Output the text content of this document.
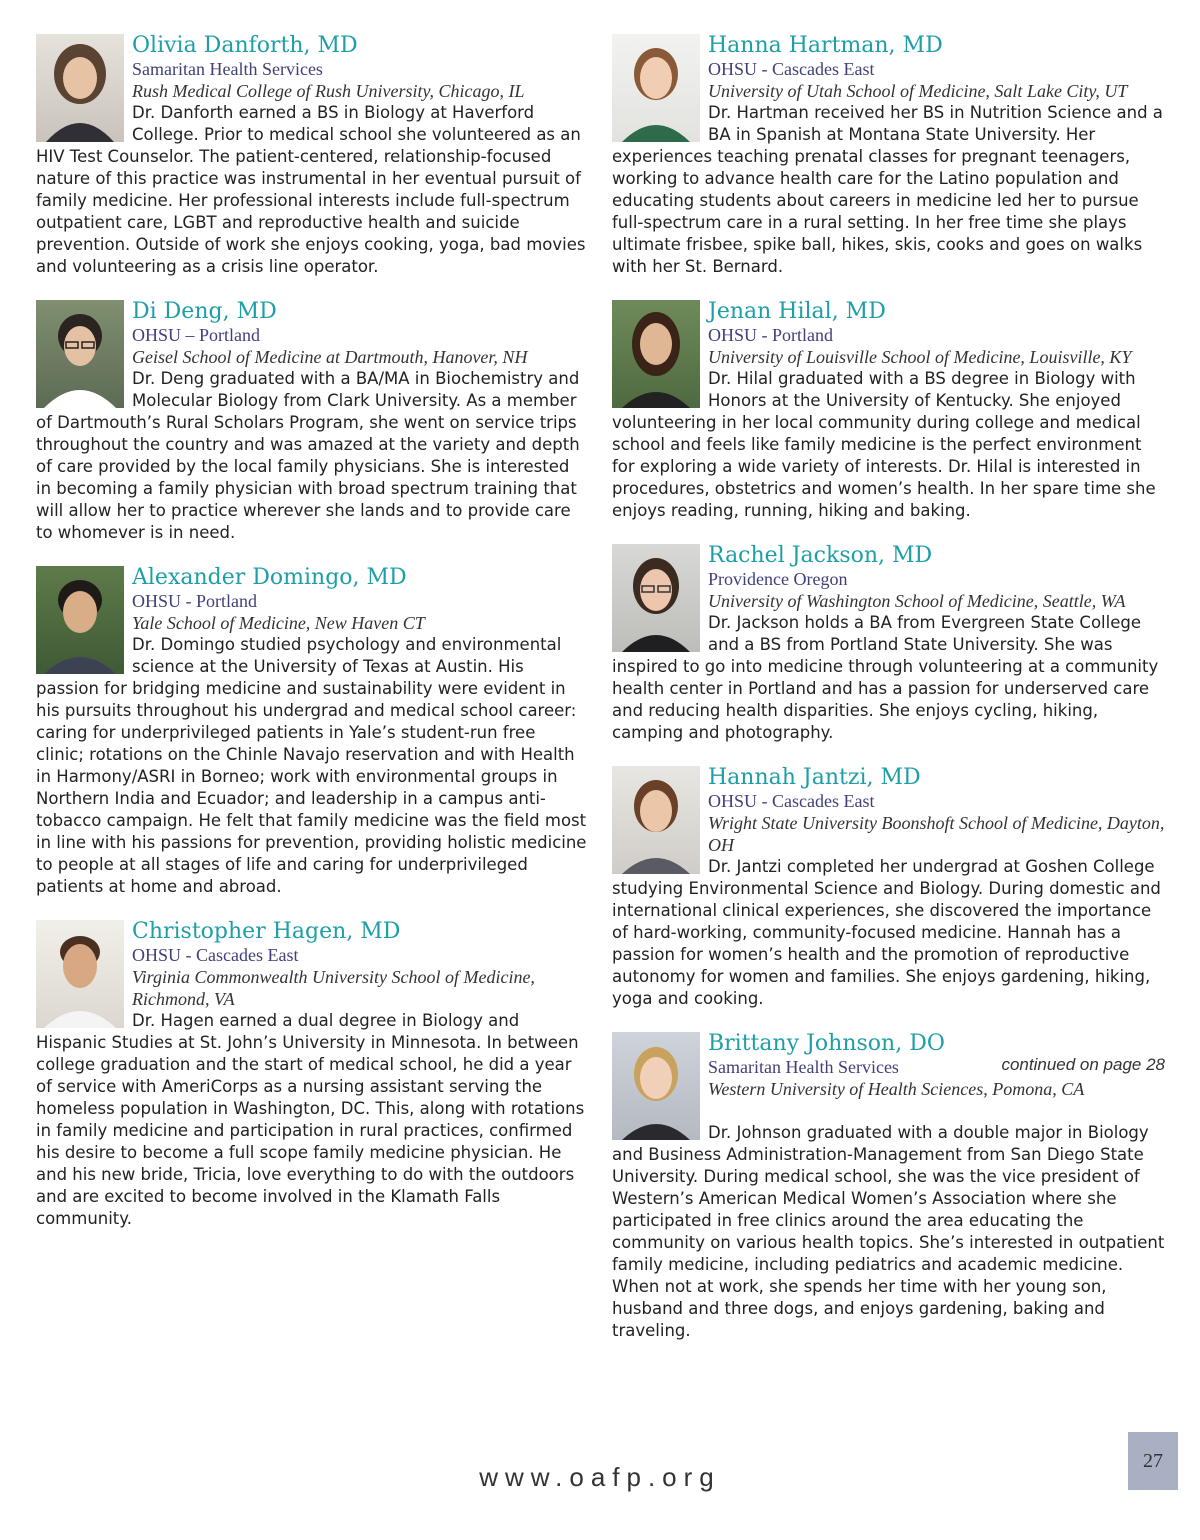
Olivia Danforth, MD
Samaritan Health Services
Rush Medical College of Rush University, Chicago, IL
Dr. Danforth earned a BS in Biology at Haverford College. Prior to medical school she volunteered as an HIV Test Counselor. The patient-centered, relationship-focused nature of this practice was instrumental in her eventual pursuit of family medicine. Her professional interests include full-spectrum outpatient care, LGBT and reproductive health and suicide prevention. Outside of work she enjoys cooking, yoga, bad movies and volunteering as a crisis line operator.
Di Deng, MD
OHSU – Portland
Geisel School of Medicine at Dartmouth, Hanover, NH
Dr. Deng graduated with a BA/MA in Biochemistry and Molecular Biology from Clark University. As a member of Dartmouth’s Rural Scholars Program, she went on service trips throughout the country and was amazed at the variety and depth of care provided by the local family physicians. She is interested in becoming a family physician with broad spectrum training that will allow her to practice wherever she lands and to provide care to whomever is in need.
Alexander Domingo, MD
OHSU - Portland
Yale School of Medicine, New Haven CT
Dr. Domingo studied psychology and environmental science at the University of Texas at Austin. His passion for bridging medicine and sustainability were evident in his pursuits throughout his undergrad and medical school career: caring for underprivileged patients in Yale’s student-run free clinic; rotations on the Chinle Navajo reservation and with Health in Harmony/ASRI in Borneo; work with environmental groups in Northern India and Ecuador; and leadership in a campus anti-tobacco campaign. He felt that family medicine was the field most in line with his passions for prevention, providing holistic medicine to people at all stages of life and caring for underprivileged patients at home and abroad.
Christopher Hagen, MD
OHSU - Cascades East
Virginia Commonwealth University School of Medicine, Richmond, VA
Dr. Hagen earned a dual degree in Biology and Hispanic Studies at St. John’s University in Minnesota. In between college graduation and the start of medical school, he did a year of service with AmeriCorps as a nursing assistant serving the homeless population in Washington, DC. This, along with rotations in family medicine and participation in rural practices, confirmed his desire to become a full scope family medicine physician. He and his new bride, Tricia, love everything to do with the outdoors and are excited to become involved in the Klamath Falls community.
Hanna Hartman, MD
OHSU - Cascades East
University of Utah School of Medicine, Salt Lake City, UT
Dr. Hartman received her BS in Nutrition Science and a BA in Spanish at Montana State University. Her experiences teaching prenatal classes for pregnant teenagers, working to advance health care for the Latino population and educating students about careers in medicine led her to pursue full-spectrum care in a rural setting. In her free time she plays ultimate frisbee, spike ball, hikes, skis, cooks and goes on walks with her St. Bernard.
Jenan Hilal, MD
OHSU - Portland
University of Louisville School of Medicine, Louisville, KY
Dr. Hilal graduated with a BS degree in Biology with Honors at the University of Kentucky. She enjoyed volunteering in her local community during college and medical school and feels like family medicine is the perfect environment for exploring a wide variety of interests. Dr. Hilal is interested in procedures, obstetrics and women’s health. In her spare time she enjoys reading, running, hiking and baking.
Rachel Jackson, MD
Providence Oregon
University of Washington School of Medicine, Seattle, WA
Dr. Jackson holds a BA from Evergreen State College and a BS from Portland State University. She was inspired to go into medicine through volunteering at a community health center in Portland and has a passion for underserved care and reducing health disparities. She enjoys cycling, hiking, camping and photography.
Hannah Jantzi, MD
OHSU - Cascades East
Wright State University Boonshoft School of Medicine, Dayton, OH
Dr. Jantzi completed her undergrad at Goshen College studying Environmental Science and Biology. During domestic and international clinical experiences, she discovered the importance of hard-working, community-focused medicine. Hannah has a passion for women’s health and the promotion of reproductive autonomy for women and families. She enjoys gardening, hiking, yoga and cooking.
Brittany Johnson, DO
Samaritan Health Services
Western University of Health Sciences, Pomona, CA
Dr. Johnson graduated with a double major in Biology and Business Administration-Management from San Diego State University. During medical school, she was the vice president of Western’s American Medical Women’s Association where she participated in free clinics around the area educating the community on various health topics. She’s interested in outpatient family medicine, including pediatrics and academic medicine. When not at work, she spends her time with her young son, husband and three dogs, and enjoys gardening, baking and traveling.
continued on page 28
www.oafp.org
27
